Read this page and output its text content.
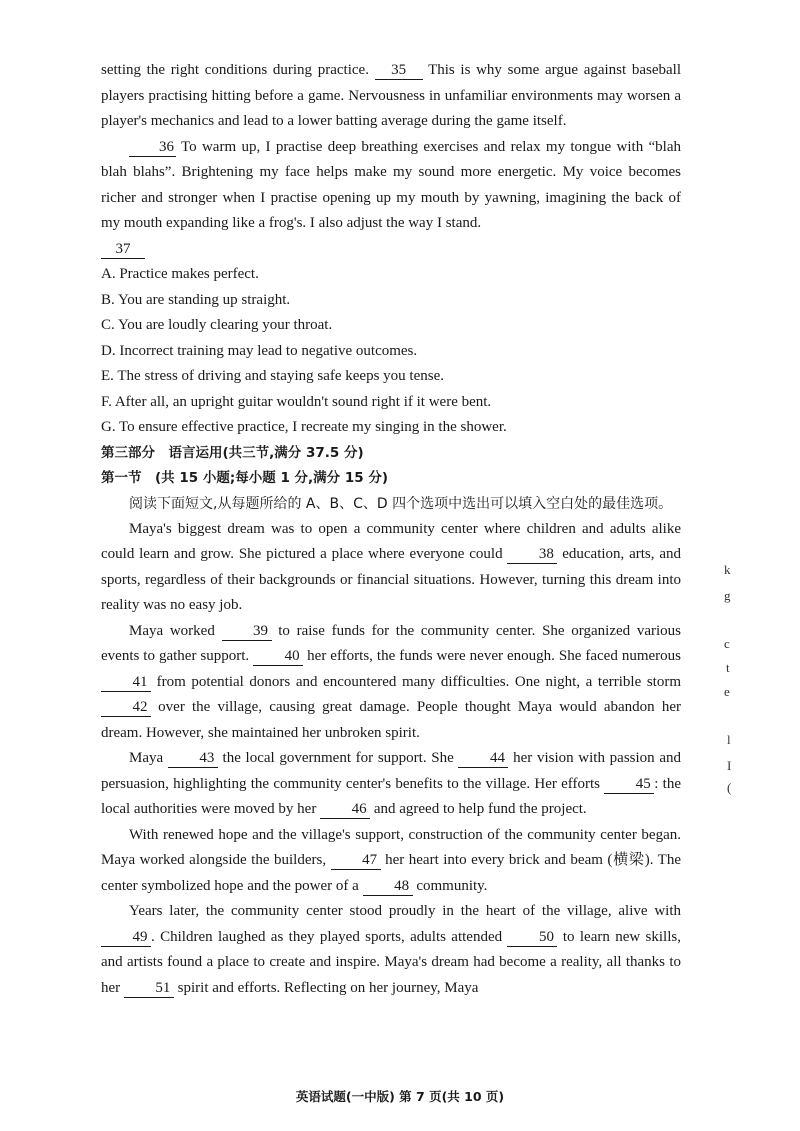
setting the right conditions during practice. 35 This is why some argue against baseball players practising hitting before a game. Nervousness in unfamiliar environments may worsen a player's mechanics and lead to a lower batting average during the game itself.

36 To warm up, I practise deep breathing exercises and relax my tongue with “blah blah blahs”. Brightening my face helps make my sound more energetic. My voice becomes richer and stronger when I practise opening up my mouth by yawning, imagining the back of my mouth expanding like a frog's. I also adjust the way I stand.

37

A. Practice makes perfect.

B. You are standing up straight.

C. You are loudly clearing your throat.

D. Incorrect training may lead to negative outcomes.

E. The stress of driving and staying safe keeps you tense.

F. After all, an upright guitar wouldn't sound right if it were bent.

G. To ensure effective practice, I recreate my singing in the shower.

第三部分　语言运用(共三节,满分 37.5 分)

第一节　(共 15 小题;每小题 1 分,满分 15 分)

阅读下面短文,从每题所给的 A、B、C、D 四个选项中选出可以填入空白处的最佳选项。

Maya's biggest dream was to open a community center where children and adults alike could learn and grow. She pictured a place where everyone could 38 education, arts, and sports, regardless of their backgrounds or financial situations. However, turning this dream into reality was no easy job.

Maya worked 39 to raise funds for the community center. She organized various events to gather support. 40 her efforts, the funds were never enough. She faced numerous 41 from potential donors and encountered many difficulties. One night, a terrible storm 42 over the village, causing great damage. People thought Maya would abandon her dream. However, she maintained her unbroken spirit.

Maya 43 the local government for support. She 44 her vision with passion and persuasion, highlighting the community center's benefits to the village. Her efforts 45 : the local authorities were moved by her 46 and agreed to help fund the project.

With renewed hope and the village's support, construction of the community center began. Maya worked alongside the builders, 47 her heart into every brick and beam (横梁). The center symbolized hope and the power of a 48 community.

Years later, the community center stood proudly in the heart of the village, alive with 49 . Children laughed as they played sports, adults attended 50 to learn new skills, and artists found a place to create and inspire. Maya's dream had become a reality, all thanks to her 51 spirit and efforts. Reflecting on her journey, Maya

k
g
c
t
e
l
I
(
英语试题(一中版) 第 7 页(共 10 页)
